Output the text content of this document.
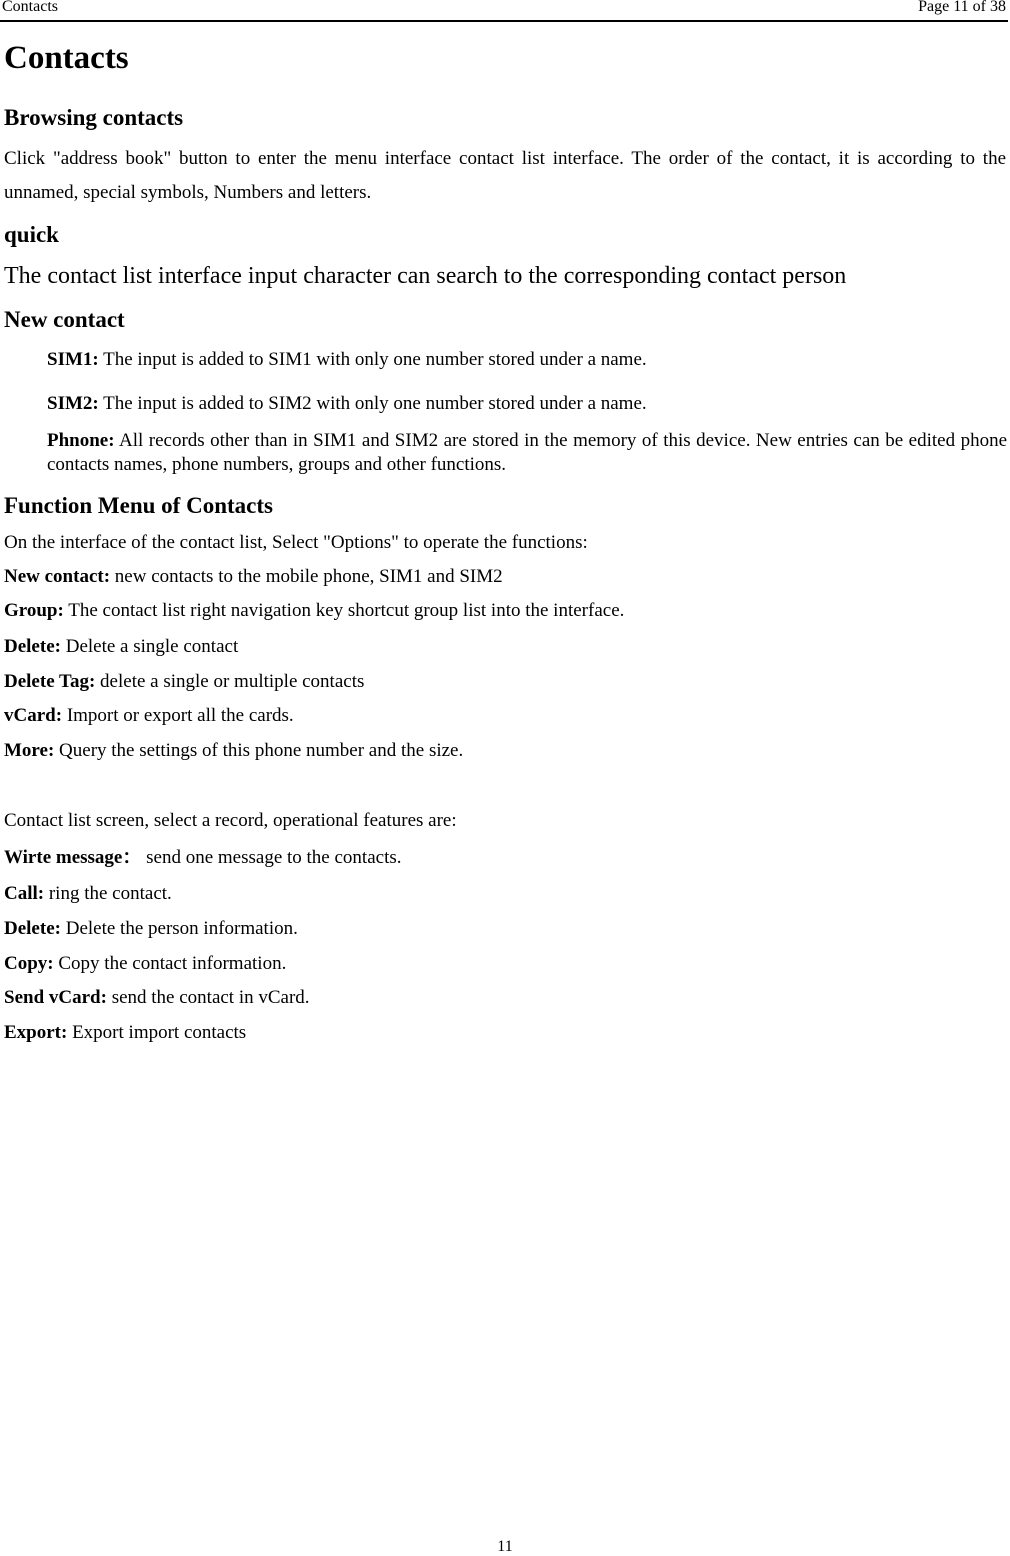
Contacts	Page 11 of 38
Contacts
Browsing contacts

Click "address book" button to enter the menu interface contact list interface. The order of the contact, it is according to the unnamed, special symbols, Numbers and letters.

quick

The contact list interface input character can search to the corresponding contact person

New contact

SIM1: The input is added to SIM1 with only one number stored under a name.

SIM2: The input is added to SIM2 with only one number stored under a name.

Phnone: All records other than in SIM1 and SIM2 are stored in the memory of this device. New entries can be edited phone contacts names, phone numbers, groups and other functions.

Function Menu of Contacts

On the interface of the contact list, Select "Options" to operate the functions:

New contact: new contacts to the mobile phone, SIM1 and SIM2

Group: The contact list right navigation key shortcut group list into the interface.

Delete: Delete a single contact

Delete Tag: delete a single or multiple contacts

vCard: Import or export all the cards.

More: Query the settings of this phone number and the size.

Contact list screen, select a record, operational features are:

Wirte message： send one message to the contacts.

Call: ring the contact.

Delete: Delete the person information.

Copy: Copy the contact information.

Send vCard: send the contact in vCard.

Export: Export import contacts

11
